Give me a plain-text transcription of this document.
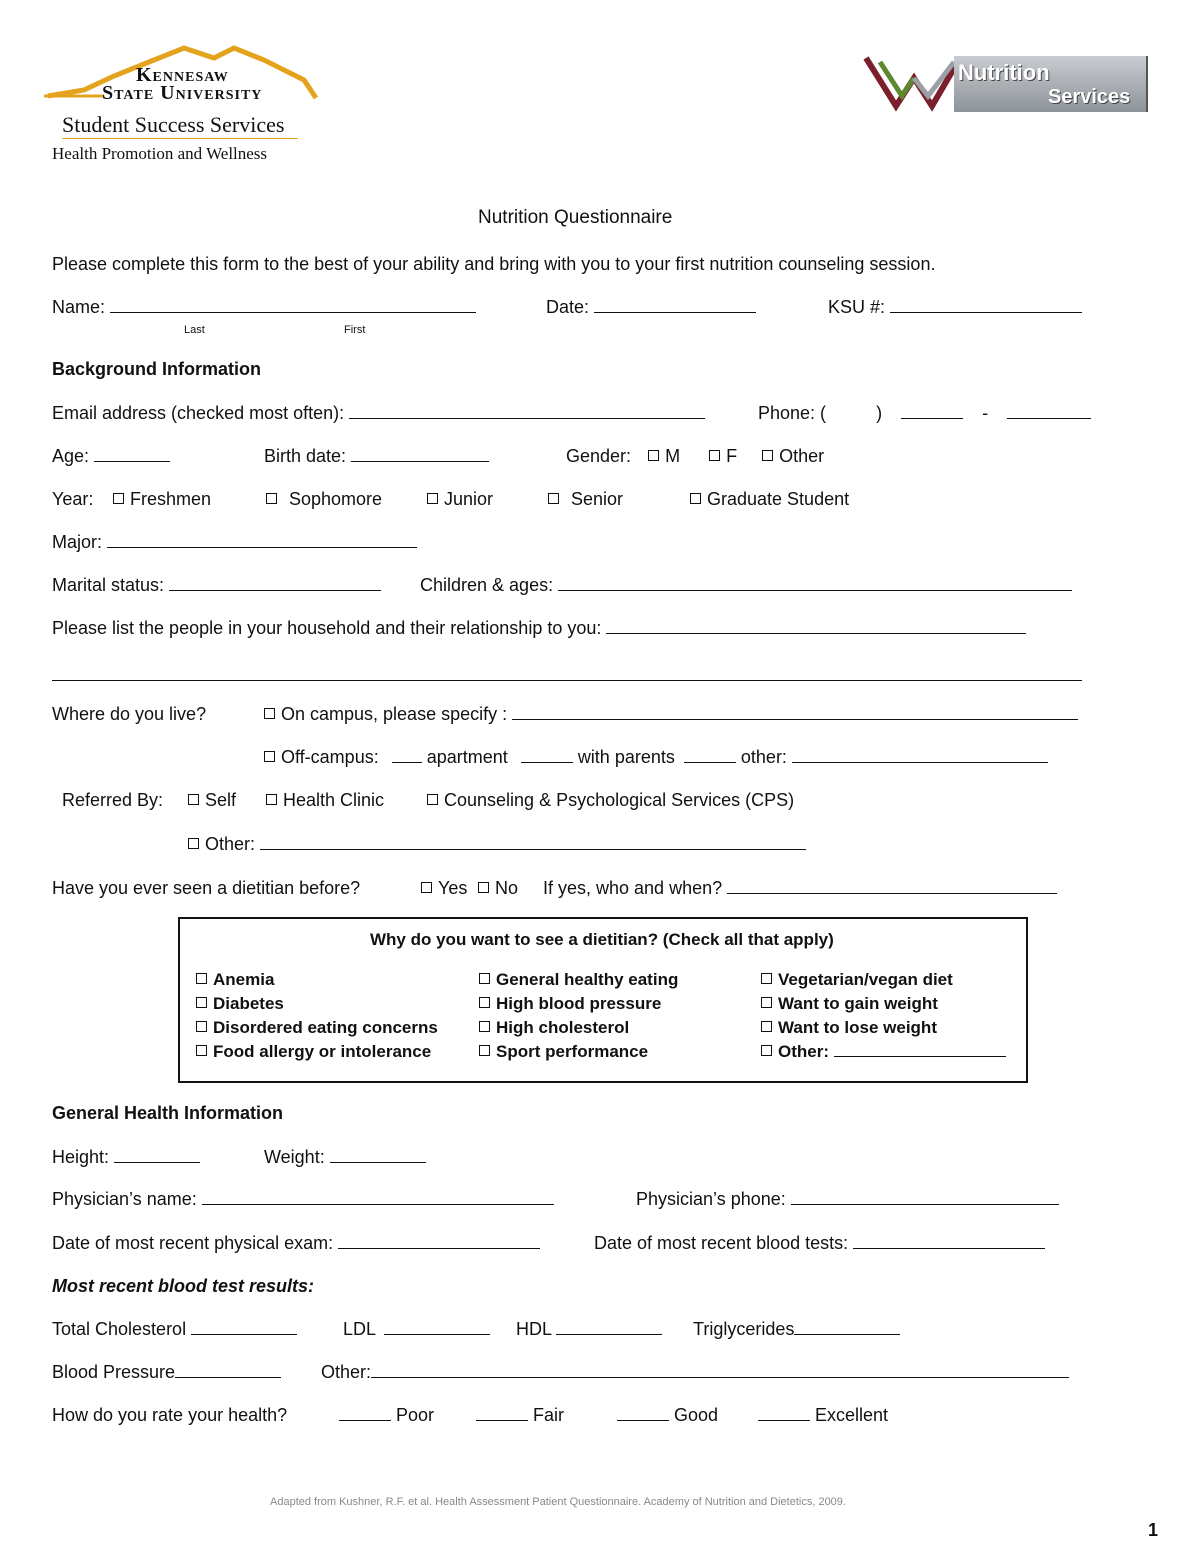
Kennesaw
State University
Student Success Services
Health Promotion and Wellness
Nutrition
Services
Nutrition Questionnaire
Please complete this form to the best of your ability and bring with you to your first nutrition counseling session.
Name:
Last	First
Date:	KSU #:
Background Information
Email address (checked most often):	Phone: (	)	-
Age:	Birth date:	Gender: M	F Other
Year:	Freshmen	Sophomore	Junior	Senior	Graduate Student
Major:
Marital status:	Children & ages:
Please list the people in your household and their relationship to you:
Where do you live?	On campus, please specify :
Off-campus:	apartment	with parents	other:
Referred By:	Self	Health Clinic	Counseling & Psychological Services (CPS)
Other:
Have you ever seen a dietitian before?	Yes	No If yes, who and when?
Why do you want to see a dietitian? (Check all that apply)
Anemia
Diabetes
Disordered eating concerns
Food allergy or intolerance
General healthy eating
High blood pressure
High cholesterol
Sport performance
Vegetarian/vegan diet
Want to gain weight
Want to lose weight
Other:
General Health Information
Height:	Weight:
Physician’s name:	Physician’s phone:
Date of most recent physical exam:	Date of most recent blood tests:
Most recent blood test results:
Total Cholesterol	LDL	HDL	Triglycerides
Blood Pressure	Other:
How do you rate your health?	Poor	Fair	Good	Excellent
Adapted from Kushner, R.F. et al. Health Assessment Patient Questionnaire. Academy of Nutrition and Dietetics, 2009.
1
